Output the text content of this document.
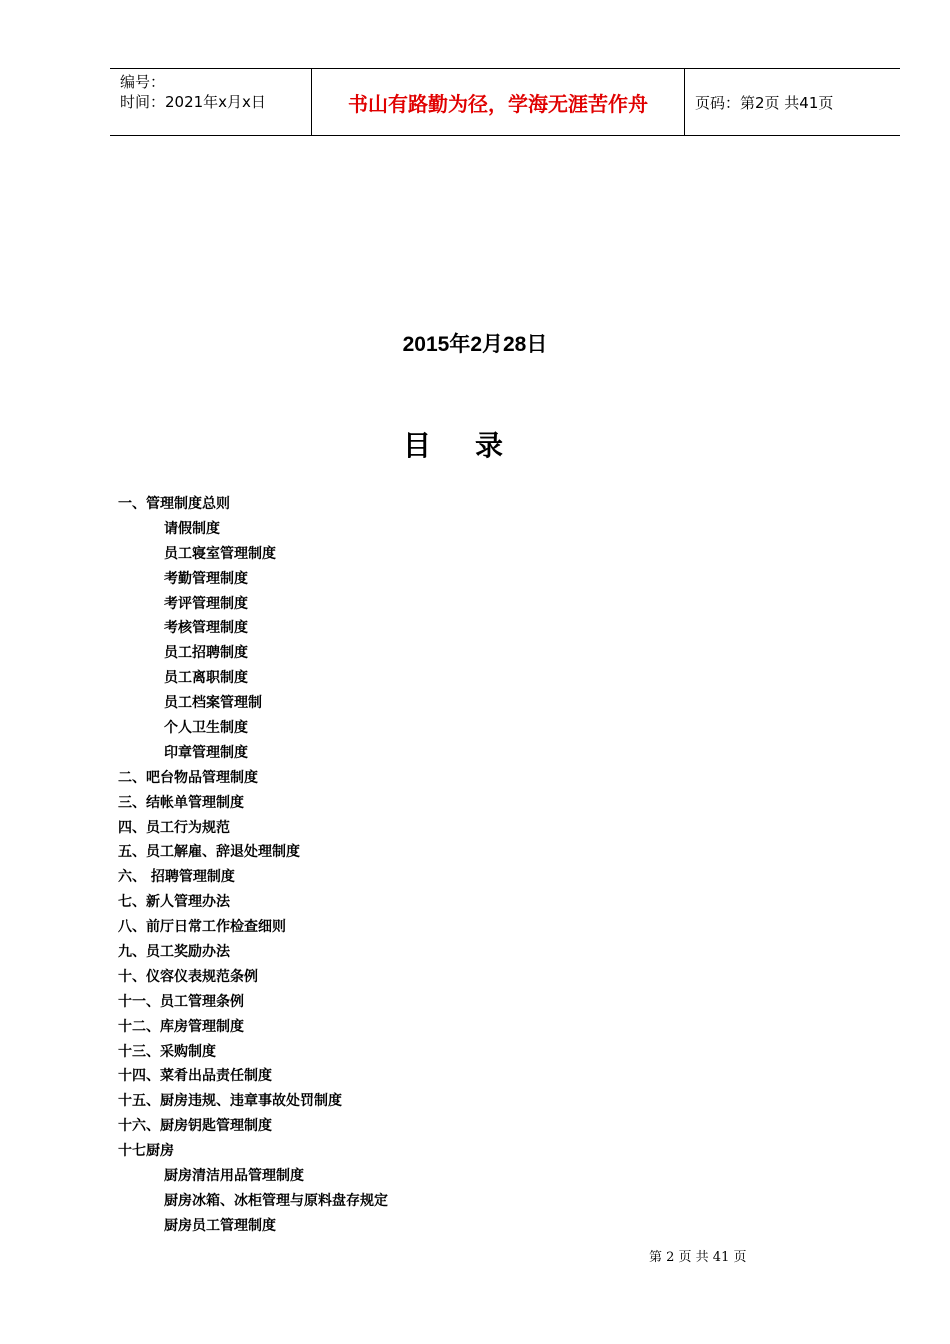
编号：
时间：2021年x月x日	书山有路勤为径，学海无涯苦作舟	页码：第2页 共41页
2015年2月28日
目录
一、管理制度总则
请假制度
员工寝室管理制度
考勤管理制度
考评管理制度
考核管理制度
员工招聘制度
员工离职制度
员工档案管理制
个人卫生制度
印章管理制度
二、吧台物品管理制度
三、结帐单管理制度
四、员工行为规范
五、员工解雇、辞退处理制度
六、 招聘管理制度
七、新人管理办法
八、前厅日常工作检查细则
九、员工奖励办法
十、仪容仪表规范条例
十一、员工管理条例
十二、库房管理制度
十三、采购制度
十四、菜肴出品责任制度
十五、厨房违规、违章事故处罚制度
十六、厨房钥匙管理制度
十七厨房
厨房清洁用品管理制度
厨房冰箱、冰柜管理与原料盘存规定
厨房员工管理制度
第 2 页 共 41 页
